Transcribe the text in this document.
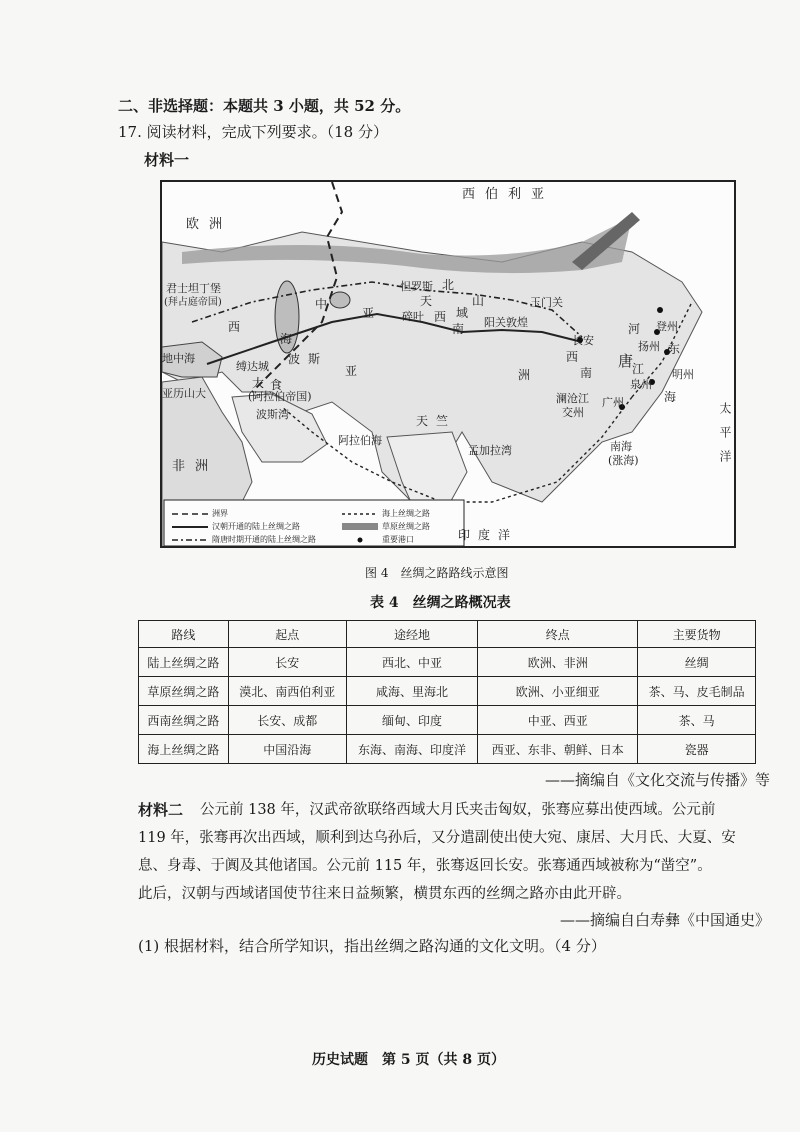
二、非选择题：本题共 3 小题，共 52 分。
17. 阅读材料，完成下列要求。（18 分）
材料一
西伯利亚
欧洲
君士坦丁堡
(拜占庭帝国)
西
中
亚
海
地中海
亚历山大
缚达城
波斯
亚
大 食
(阿拉伯帝国)
波斯湾
非洲
阿拉伯海
天竺
孟加拉湾
印度洋
怛罗斯 北
天	山
碎叶 西 域
南
玉门关
阳关敦煌
长安
唐
西
南
洲
澜沧江
交州
广州
泉州
扬州
明州
登州
东
海
江
南海
(涨海)	太平洋
河
洲界
汉朝开通的陆上丝绸之路
隋唐时期开通的陆上丝绸之路
海上丝绸之路
草原丝绸之路
重要港口
图 4　丝绸之路路线示意图
表 4　丝绸之路概况表
路线	起点	途经地	终点	主要货物
陆上丝绸之路	长安	西北、中亚	欧洲、非洲	丝绸
草原丝绸之路	漠北、南西伯利亚	咸海、里海北	欧洲、小亚细亚	茶、马、皮毛制品
西南丝绸之路	长安、成都	缅甸、印度	中亚、西亚	茶、马
海上丝绸之路	中国沿海	东海、南海、印度洋	西亚、东非、朝鲜、日本	瓷器
——摘编自《文化交流与传播》等
材料二 公元前 138 年，汉武帝欲联络西域大月氏夹击匈奴，张骞应募出使西域。公元前
119 年，张骞再次出西域，顺利到达乌孙后，又分遣副使出使大宛、康居、大月氏、大夏、安
息、身毒、于阗及其他诸国。公元前 115 年，张骞返回长安。张骞通西域被称为“凿空”。
此后，汉朝与西域诸国使节往来日益频繁，横贯东西的丝绸之路亦由此开辟。
——摘编自白寿彝《中国通史》
(1) 根据材料，结合所学知识，指出丝绸之路沟通的文化文明。（4 分）
历史试题　第 5 页（共 8 页）
